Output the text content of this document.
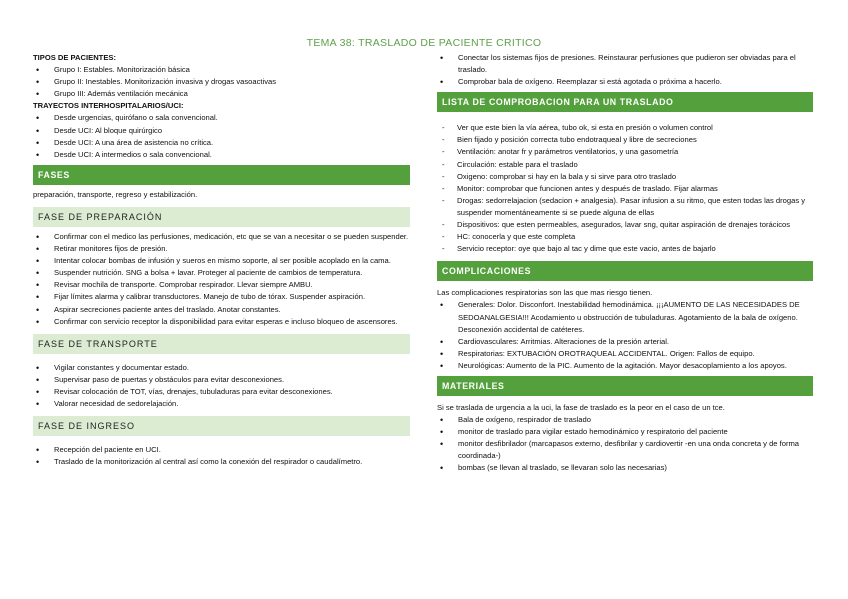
TEMA 38: TRASLADO DE PACIENTE CRITICO

TIPOS DE PACIENTES:

• Grupo I: Estables. Monitorización básica
• Grupo II: Inestables. Monitorización invasiva y drogas vasoactivas
• Grupo III: Además ventilación mecánica

TRAYECTOS INTERHOSPITALARIOS/UCI:

• Desde urgencias, quirófano o sala convencional.
• Desde UCI: Al bloque quirúrgico
• Desde UCI: A una área de asistencia no crítica.
• Desde UCI: A intermedios o sala convencional.
FASES

preparación, transporte, regreso y estabilización.

FASE DE PREPARACIÓN
• Confirmar con el medico las perfusiones, medicación, etc que se van a necesitar o se pueden suspender.
• Retirar monitores fijos de presión.
• Intentar colocar bombas de infusión y sueros en mismo soporte, al ser posible acoplado en la cama.
• Suspender nutrición. SNG a bolsa + lavar. Proteger al paciente de cambios de temperatura.
• Revisar mochila de transporte. Comprobar respirador. Llevar siempre AMBU.
• Fijar límites alarma y calibrar transductores. Manejo de tubo de tórax. Suspender aspiración.
• Aspirar secreciones paciente antes del traslado. Anotar constantes.
• Confirmar con servicio receptor la disponibilidad para evitar esperas e incluso bloqueo de ascensores.
FASE DE TRANSPORTE
• Vigilar constantes y documentar estado.
• Supervisar paso de puertas y obstáculos para evitar desconexiones.
• Revisar colocación de TOT, vías, drenajes, tubuladuras para evitar desconexiones.
• Valorar necesidad de sedorelajación.
FASE DE INGRESO
• Recepción del paciente en UCI.
• Traslado de la monitorización al central así como la conexión del respirador o caudalímetro.
• Conectar los sistemas fijos de presiones. Reinstaurar perfusiones que pudieron ser obviadas para el traslado.
• Comprobar bala de oxígeno. Reemplazar si está agotada o próxima a hacerlo.
LISTA DE COMPROBACION PARA UN TRASLADO
- Ver que este bien la vía aérea, tubo ok, si esta en presión o volumen control
- Bien fijado y posición correcta tubo endotraqueal y libre de secreciones
- Ventilación: anotar fr y parámetros ventilatorios, y una gasometría
- Circulación: estable para el traslado
- Oxigeno: comprobar si hay en la bala y si sirve para otro traslado
- Monitor: comprobar que funcionen antes y después de traslado. Fijar alarmas
- Drogas: sedorrelajacion (sedacion + analgesia). Pasar infusion a su ritmo, que esten todas las drogas y suspender momentáneamente si se puede alguna de ellas
- Dispositivos: que esten permeables, asegurados, lavar sng, quitar aspiración de drenajes torácicos
- HC: conocerla y que este completa
- Servicio receptor: oye que bajo al tac y dime que este vacio, antes de bajarlo
COMPLICACIONES

Las complicaciones respiratorias son las que mas riesgo tienen.

• Generales: Dolor. Disconfort. Inestabilidad hemodinámica. ¡¡¡AUMENTO DE LAS NECESIDADES DE SEDOANALGESIA!!! Acodamiento u obstrucción de tubuladuras. Agotamiento de la bala de oxígeno. Desconexión accidental de catéteres.
• Cardiovasculares: Arritmias. Alteraciones de la presión arterial.
• Respiratorias: EXTUBACIÓN OROTRAQUEAL ACCIDENTAL. Origen: Fallos de equipo.
• Neurológicas: Aumento de la PIC. Aumento de la agitación. Mayor desacoplamiento a los apoyos.
MATERIALES

Si se traslada de urgencia a la uci, la fase de traslado es la peor en el caso de un tce.

• Bala de oxígeno, respirador de traslado
• monitor de traslado para vigilar estado hemodinámico y respiratorio del paciente
• monitor desfibrilador (marcapasos externo, desfibrilar y cardiovertir -en una onda concreta y de forma coordinada-)
• bombas (se llevan al traslado, se llevaran solo las necesarias)
